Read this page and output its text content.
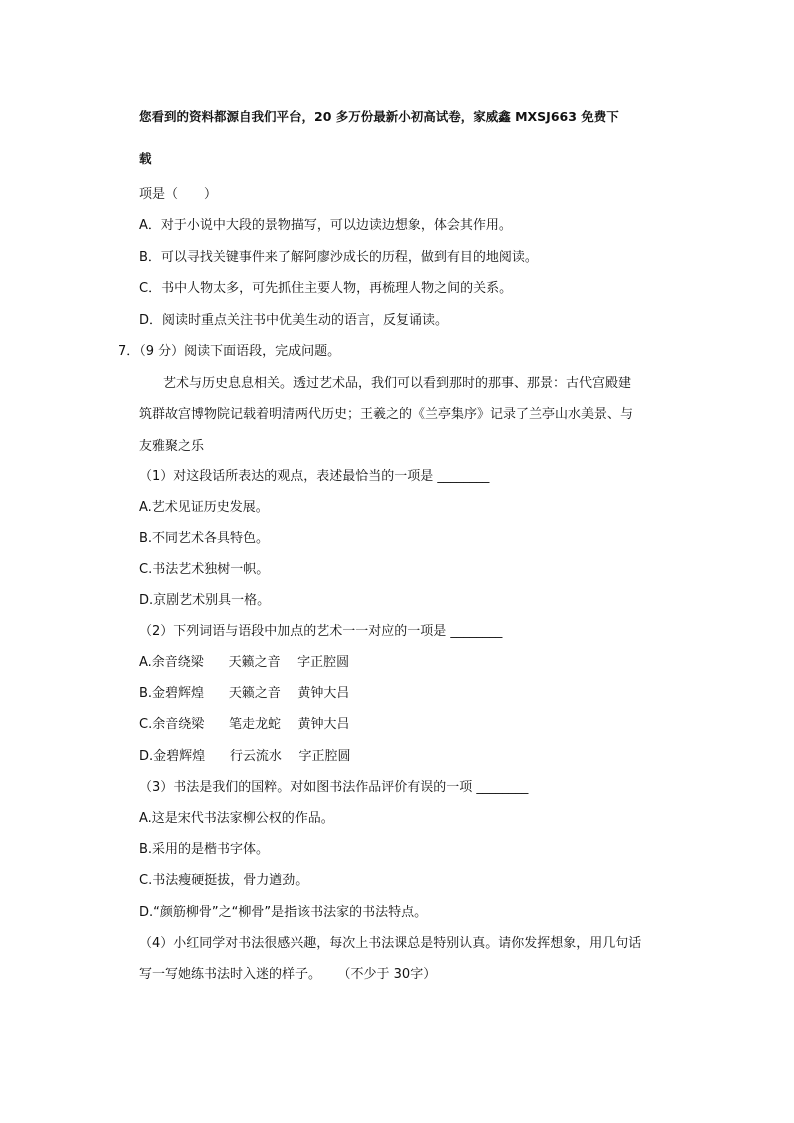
您看到的资料都源自我们平台，20 多万份最新小初高试卷，家威鑫 MXSJ663 免费下
载
项是（　　）
A．对于小说中大段的景物描写，可以边读边想象，体会其作用。
B．可以寻找关键事件来了解阿廖沙成长的历程，做到有目的地阅读。
C．书中人物太多，可先抓住主要人物，再梳理人物之间的关系。
D．阅读时重点关注书中优美生动的语言，反复诵读。
7．（9 分）阅读下面语段，完成问题。
艺术与历史息息相关。透过艺术品，我们可以看到那时的那事、那景：古代宫殿建
筑群故宫博物院记载着明清两代历史；王羲之的《兰亭集序》记录了兰亭山水美景、与
友雅聚之乐
（1）对这段话所表达的观点，表述最恰当的一项是 ________
A.艺术见证历史发展。
B.不同艺术各具特色。
C.书法艺术独树一帜。
D.京剧艺术别具一格。
（2）下列词语与语段中加点的艺术一一对应的一项是 ________
A.余音绕梁      天籁之音    字正腔圆
B.金碧辉煌      天籁之音    黄钟大吕
C.余音绕梁      笔走龙蛇    黄钟大吕
D.金碧辉煌      行云流水    字正腔圆
（3）书法是我们的国粹。对如图书法作品评价有误的一项 ________
A.这是宋代书法家柳公权的作品。
B.采用的是楷书字体。
C.书法瘦硬挺拔，骨力遒劲。
D.“颜筋柳骨”之“柳骨”是指该书法家的书法特点。
（4）小红同学对书法很感兴趣，每次上书法课总是特别认真。请你发挥想象，用几句话
写一写她练书法时入迷的样子。    （不少于 30字）
